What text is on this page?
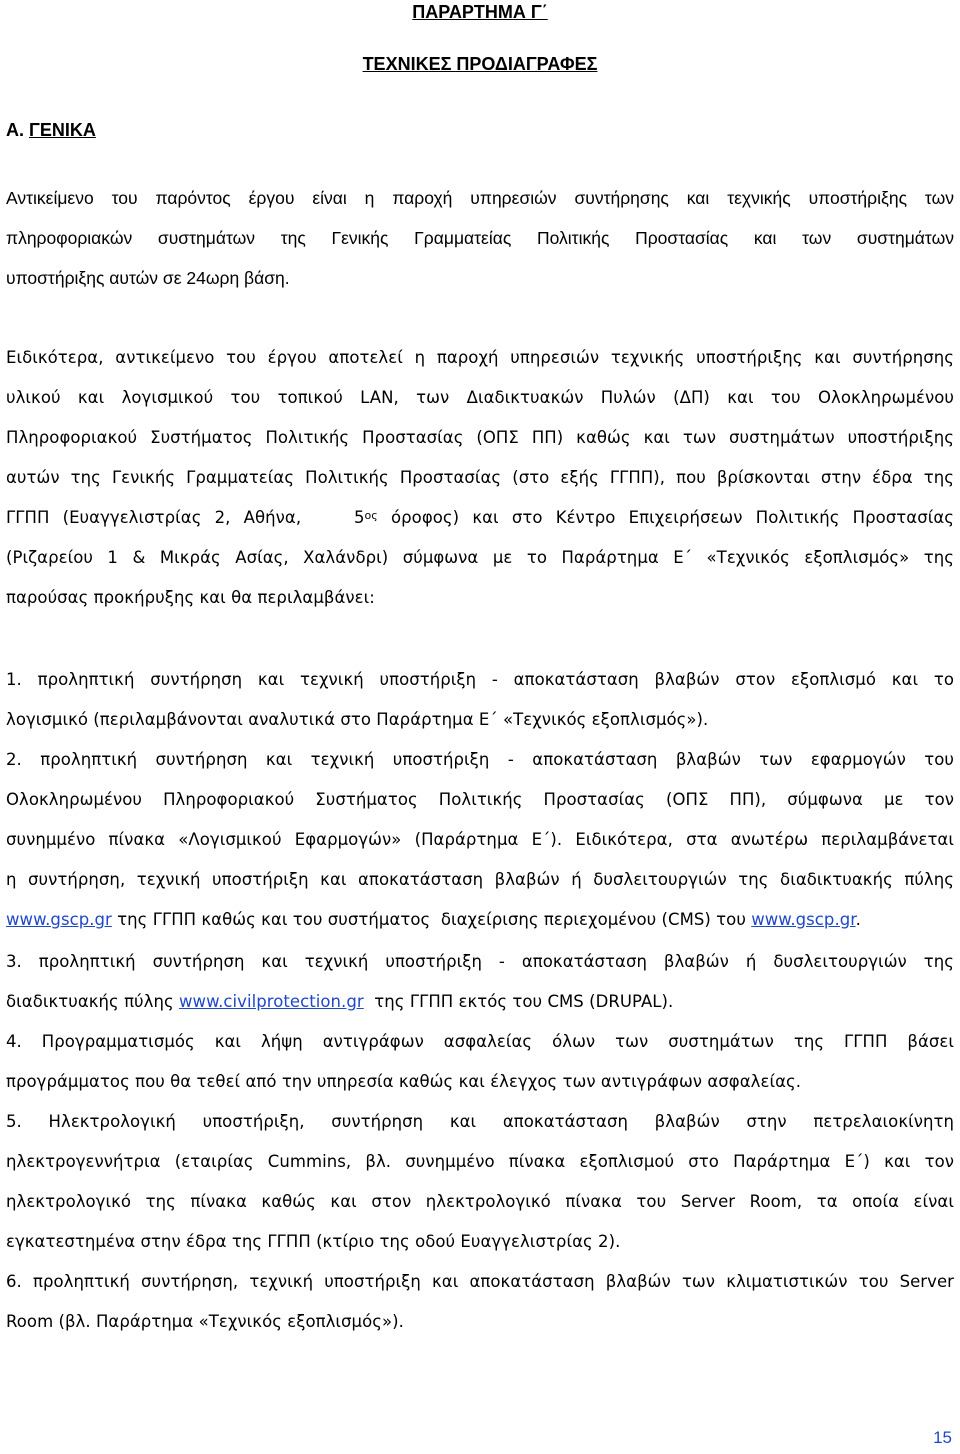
ΠΑΡΑΡΤΗΜΑ Γ΄
ΤΕΧΝΙΚΕΣ ΠΡΟΔΙΑΓΡΑΦΕΣ
Α. ΓΕΝΙΚΑ
Αντικείμενο του παρόντος έργου είναι η παροχή υπηρεσιών συντήρησης και τεχνικής υποστήριξης των
πληροφοριακών συστημάτων της Γενικής Γραμματείας Πολιτικής Προστασίας και των συστημάτων
υποστήριξης αυτών σε 24ωρη βάση.
Ειδικότερα, αντικείμενο του έργου αποτελεί η παροχή υπηρεσιών τεχνικής υποστήριξης και συντήρησης
υλικού και λογισμικού του τοπικού LAN, των Διαδικτυακών Πυλών (ΔΠ) και του Ολοκληρωμένου
Πληροφοριακού Συστήματος Πολιτικής Προστασίας (ΟΠΣ ΠΠ) καθώς και των συστημάτων υποστήριξης
αυτών της Γενικής Γραμματείας Πολιτικής Προστασίας (στο εξής ΓΓΠΠ), που βρίσκονται στην έδρα της
ΓΓΠΠ (Ευαγγελιστρίας 2, Αθήνα,    $5^{o\varsigma}$ όροφος) και στο Κέντρο Επιχειρήσεων Πολιτικής Προστασίας
(Ριζαρείου 1 & Μικράς Ασίας, Χαλάνδρι) σύμφωνα με το Παράρτημα Ε΄ «Τεχνικός εξοπλισμός» της
παρούσας προκήρυξης και θα περιλαμβάνει:
1. προληπτική συντήρηση και τεχνική υποστήριξη - αποκατάσταση βλαβών στον εξοπλισμό και το
λογισμικό (περιλαμβάνονται αναλυτικά στο Παράρτημα Ε΄ «Τεχνικός εξοπλισμός»).
2. προληπτική συντήρηση και τεχνική υποστήριξη - αποκατάσταση βλαβών των εφαρμογών του
Ολοκληρωμένου Πληροφοριακού Συστήματος Πολιτικής Προστασίας (ΟΠΣ ΠΠ), σύμφωνα με τον
συνημμένο πίνακα «Λογισμικού Εφαρμογών» (Παράρτημα Ε΄). Ειδικότερα, στα ανωτέρω περιλαμβάνεται
η συντήρηση, τεχνική υποστήριξη και αποκατάσταση βλαβών ή δυσλειτουργιών της διαδικτυακής πύλης
www.gscp.gr της ΓΓΠΠ καθώς και του συστήματος  διαχείρισης περιεχομένου (CMS) του www.gscp.gr.
3. προληπτική συντήρηση και τεχνική υποστήριξη - αποκατάσταση βλαβών ή δυσλειτουργιών της
διαδικτυακής πύλης www.civilprotection.gr  της ΓΓΠΠ εκτός του CMS (DRUPAL).
4. Προγραμματισμός και λήψη αντιγράφων ασφαλείας όλων των συστημάτων της ΓΓΠΠ βάσει
προγράμματος που θα τεθεί από την υπηρεσία καθώς και έλεγχος των αντιγράφων ασφαλείας.
5. Ηλεκτρολογική υποστήριξη, συντήρηση και αποκατάσταση βλαβών στην πετρελαιοκίνητη
ηλεκτρογεννήτρια (εταιρίας Cummins, βλ. συνημμένο πίνακα εξοπλισμού στο Παράρτημα Ε΄) και τον
ηλεκτρολογικό της πίνακα καθώς και στον ηλεκτρολογικό πίνακα του Server Room, τα οποία είναι
εγκατεστημένα στην έδρα της ΓΓΠΠ (κτίριο της οδού Ευαγγελιστρίας 2).
6. προληπτική συντήρηση, τεχνική υποστήριξη και αποκατάσταση βλαβών των κλιματιστικών του Server
Room (βλ. Παράρτημα «Τεχνικός εξοπλισμός»).
15
